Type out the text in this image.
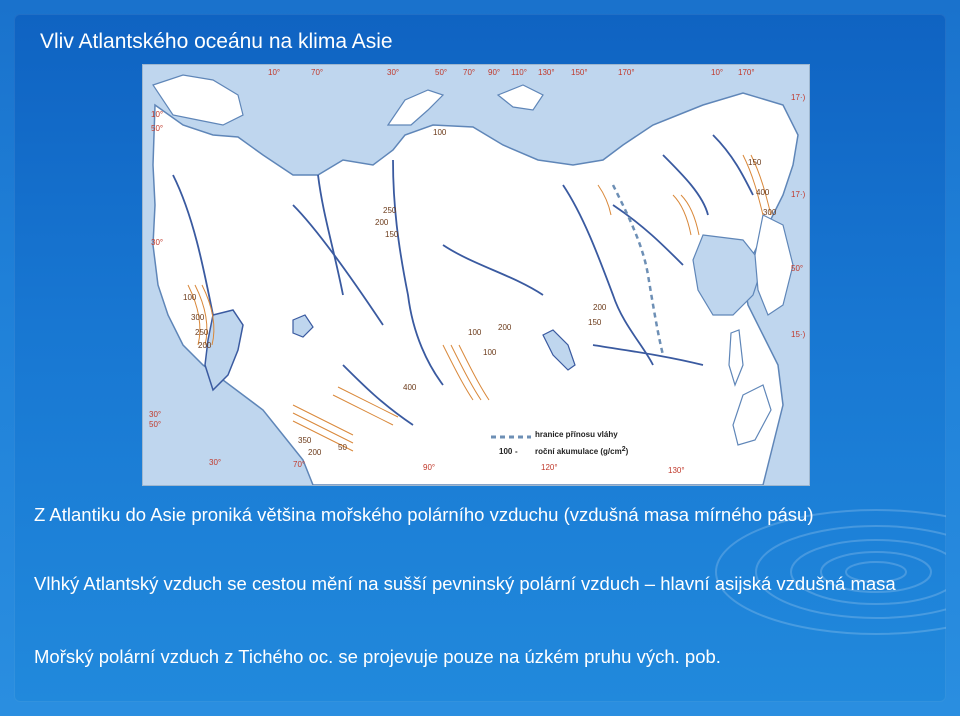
Vliv Atlantského oceánu na klima Asie
250
200
150
100
300
250
200
350
200
50
400
100
100
200
150
200
150
400
300
100
10°	70°	30°	50° 70° 90° 110° 130° 150°	170°	10° 170°
30°	70°	90°	120°	130°
10°
50°
30°
30°
50°
17·)
17·)
50°
15·)
hranice přínosu vláhy
100 - roční akumulace $(g/cm^2)$
Z Atlantiku do Asie proniká většina mořského polárního vzduchu (vzdušná masa mírného pásu)
Vlhký Atlantský vzduch se cestou mění na sušší pevninský polární vzduch – hlavní asijská vzdušná masa
Mořský polární vzduch z Tichého oc. se projevuje pouze na úzkém pruhu vých. pob.
